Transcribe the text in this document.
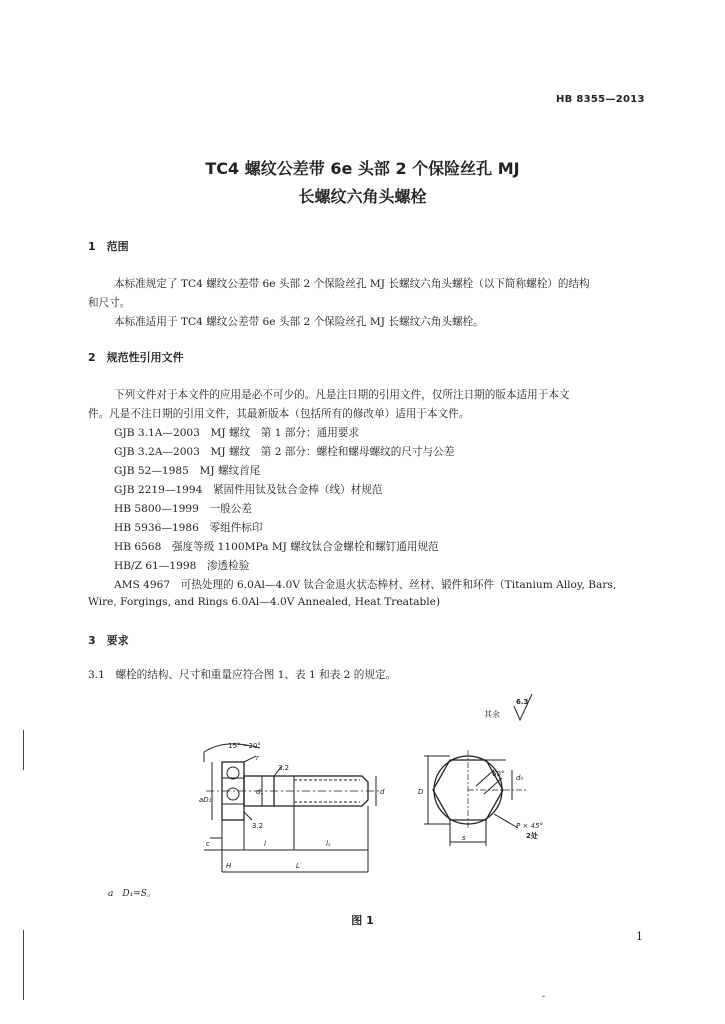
HB 8355—2013
TC4 螺纹公差带 6e 头部 2 个保险丝孔 MJ
长螺纹六角头螺栓
1　范围
本标准规定了 TC4 螺纹公差带 6e 头部 2 个保险丝孔 MJ 长螺纹六角头螺栓（以下简称螺栓）的结构
和尺寸。
本标准适用于 TC4 螺纹公差带 6e 头部 2 个保险丝孔 MJ 长螺纹六角头螺栓。
2　规范性引用文件
下列文件对于本文件的应用是必不可少的。凡是注日期的引用文件，仅所注日期的版本适用于本文
件。凡是不注日期的引用文件，其最新版本（包括所有的修改单）适用于本文件。
GJB 3.1A—2003　MJ 螺纹　第 1 部分：通用要求
GJB 3.2A—2003　MJ 螺纹　第 2 部分：螺栓和螺母螺纹的尺寸与公差
GJB 52—1985　MJ 螺纹首尾
GJB 2219—1994　紧固件用钛及钛合金棒（线）材规范
HB 5800—1999　一般公差
HB 5936—1986　零组件标印
HB 6568　强度等级 1100MPa MJ 螺纹钛合金螺栓和螺钉通用规范
HB/Z 61—1998　渗透检验
AMS 4967　可热处理的 6.0Al—4.0V 钛合金退火状态棒材、丝材、锻件和环件（Titanium Alloy, Bars,
Wire, Forgings, and Rings 6.0Al—4.0V Annealed, Heat Treatable)
3　要求
3.1　螺栓的结构、尺寸和重量应符合图 1、表 1 和表 2 的规定。
其余
6.3
15° ~20°
r
3.2
3.2
aD₁
d₁	d
c	l	lₛ
H	L
D
60° dₕ
P × 45°
2处
s
a　D₁=S。
图 1
1
-
